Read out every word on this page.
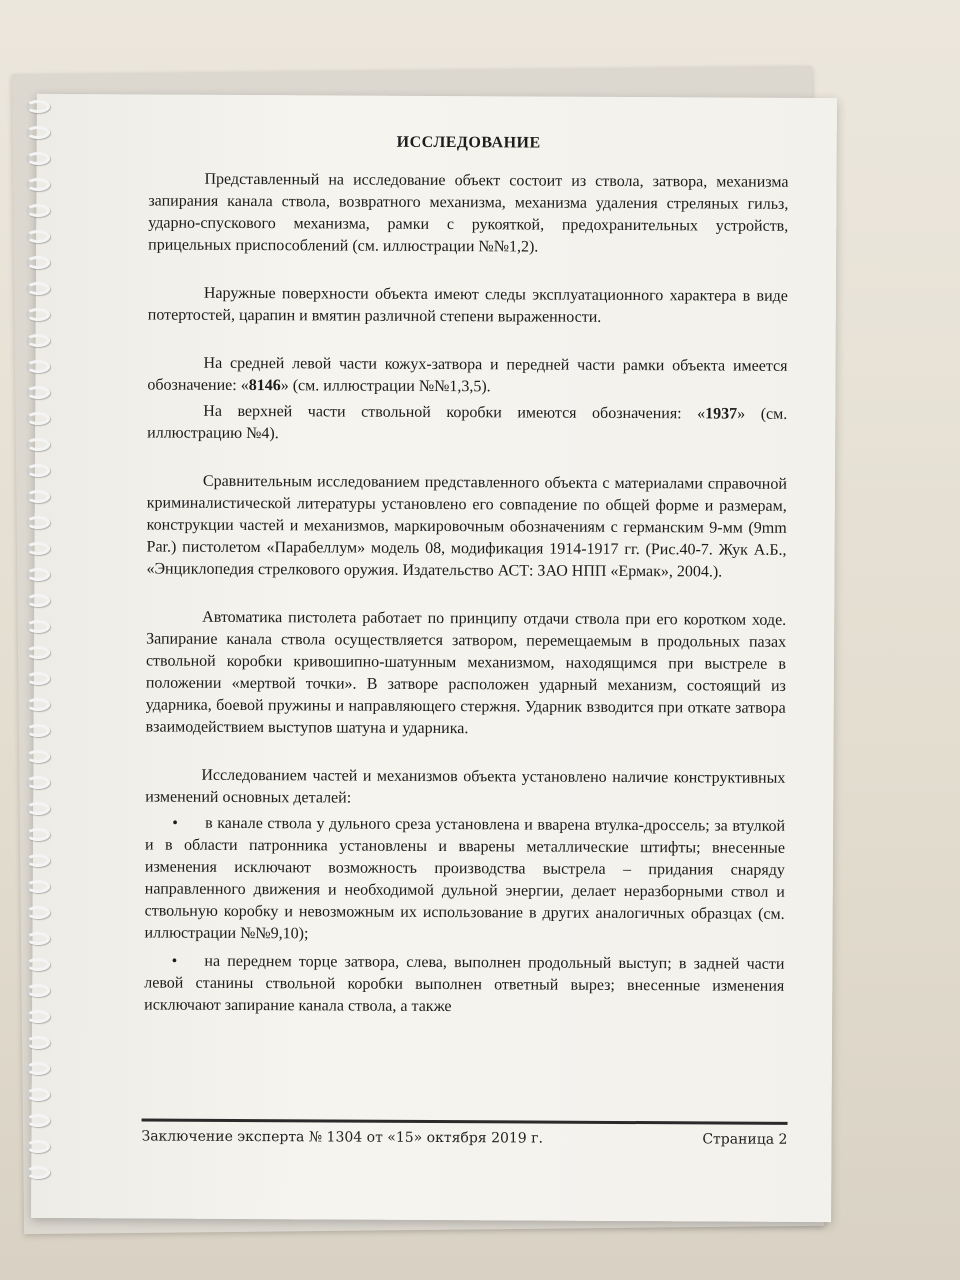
ИССЛЕДОВАНИЕ

Представленный на исследование объект состоит из ствола, затвора, механизма запирания канала ствола, возвратного механизма, механизма удаления стреляных гильз, ударно-спускового механизма, рамки с рукояткой, предохранительных устройств, прицельных приспособлений (см. иллюстрации №№1,2).

Наружные поверхности объекта имеют следы эксплуатационного характера в виде потертостей, царапин и вмятин различной степени выраженности.

На средней левой части кожух-затвора и передней части рамки объекта имеется обозначение: «8146» (см. иллюстрации №№1,3,5).

На верхней части ствольной коробки имеются обозначения: «1937» (см. иллюстрацию №4).

Сравнительным исследованием представленного объекта с материалами справочной криминалистической литературы установлено его совпадение по общей форме и размерам, конструкции частей и механизмов, маркировочным обозначениям с германским 9-мм (9mm Par.) пистолетом «Парабеллум» модель 08, модификация 1914-1917 гг. (Рис.40-7. Жук А.Б., «Энциклопедия стрелкового оружия. Издательство АСТ: ЗАО НПП «Ермак», 2004.).

Автоматика пистолета работает по принципу отдачи ствола при его коротком ходе. Запирание канала ствола осуществляется затвором, перемещаемым в продольных пазах ствольной коробки кривошипно-шатунным механизмом, находящимся при выстреле в положении «мертвой точки». В затворе расположен ударный механизм, состоящий из ударника, боевой пружины и направляющего стержня. Ударник взводится при откате затвора взаимодействием выступов шатуна и ударника.

Исследованием частей и механизмов объекта установлено наличие конструктивных изменений основных деталей:

• в канале ствола у дульного среза установлена и вварена втулка-дроссель; за втулкой и в области патронника установлены и вварены металлические штифты; внесенные изменения исключают возможность производства выстрела – придания снаряду направленного движения и необходимой дульной энергии, делает неразборными ствол и ствольную коробку и невозможным их использование в других аналогичных образцах (см. иллюстрации №№9,10);

• на переднем торце затвора, слева, выполнен продольный выступ; в задней части левой станины ствольной коробки выполнен ответный вырез; внесенные изменения исключают запирание канала ствола, а также

Заключение эксперта № 1304 от «15» октября 2019 г.	Страница 2
